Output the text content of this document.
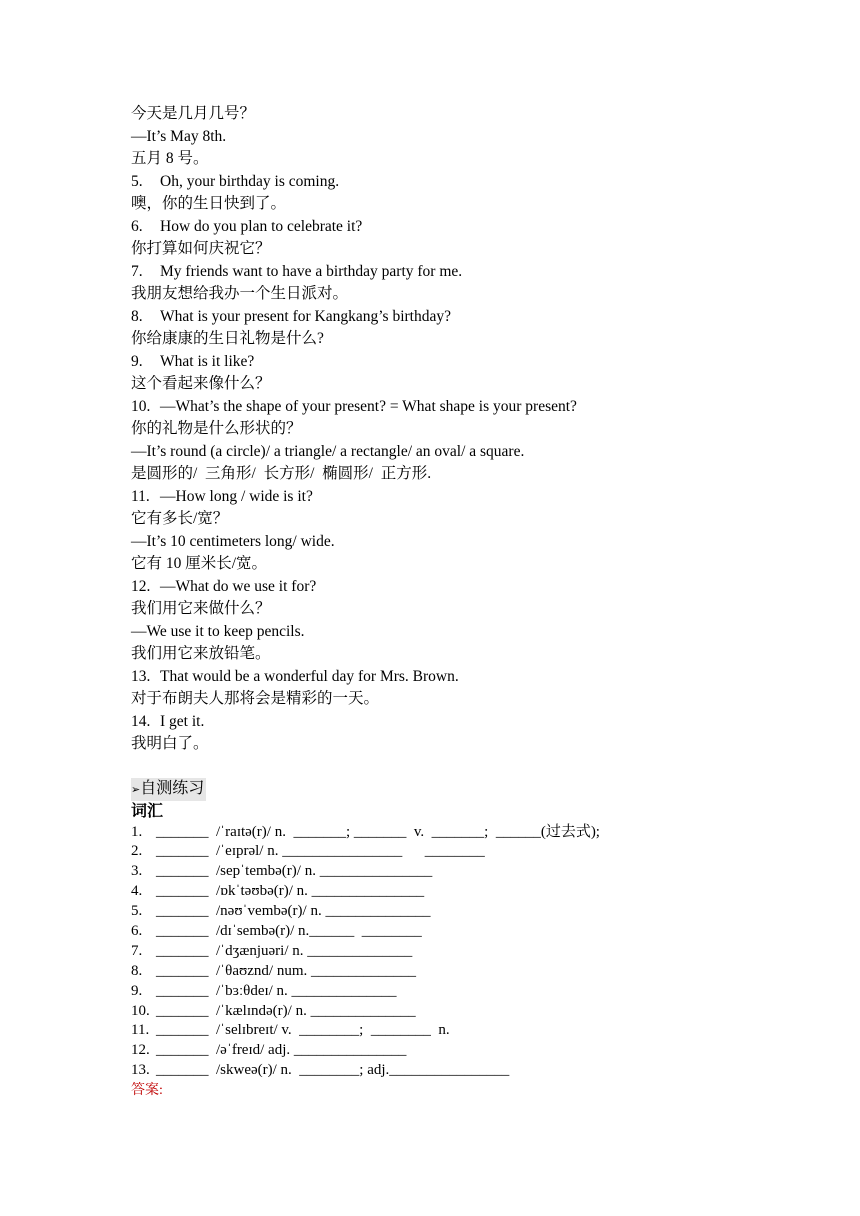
今天是几月几号？
—It’s May 8th.
五月 8 号。
5. Oh, your birthday is coming.
噢，你的生日快到了。
6. How do you plan to celebrate it?
你打算如何庆祝它？
7. My friends want to have a birthday party for me.
我朋友想给我办一个生日派对。
8. What is your present for Kangkang’s birthday?
你给康康的生日礼物是什么?
9. What is it like?
这个看起来像什么？
10. —What’s the shape of your present? = What shape is your present?
你的礼物是什么形状的？
—It’s round (a circle)/ a triangle/ a rectangle/ an oval/ a square.
是圆形的/  三角形/  长方形/  椭圆形/  正方形.
11. —How long / wide is it?
它有多长/宽？
—It’s 10 centimeters long/ wide.
它有 10 厘米长/宽。
12. —What do we use it for?
我们用它来做什么？
—We use it to keep pencils.
我们用它来放铅笔。
13. That would be a wonderful day for Mrs. Brown.
对于布朗夫人那将会是精彩的一天。
14. I get it.
我明白了。
➢自测练习
词汇
1. _______  /ˈraɪtə(r)/ n.  _______; _______  v.  _______;  ______(过去式);
2. _______  /ˈeɪprəl/ n. ________________      ________
3. _______  /sepˈtembə(r)/ n. _______________
4. _______  /ɒkˈtəʊbə(r)/ n. _______________
5. _______  /nəʊˈvembə(r)/ n. ______________
6. _______  /dɪˈsembə(r)/ n.______  ________
7. _______  /ˈdʒænjuəri/ n. ______________
8. _______  /ˈθaʊznd/ num. ______________
9. _______  /ˈbɜːθdeɪ/ n. ______________
10. _______  /ˈkælɪndə(r)/ n. ______________
11. _______  /ˈselɪbreɪt/ v.  ________;  ________  n.
12. _______  /əˈfreɪd/ adj. _______________
13. _______  /skweə(r)/ n.  ________; adj.________________
答案:
